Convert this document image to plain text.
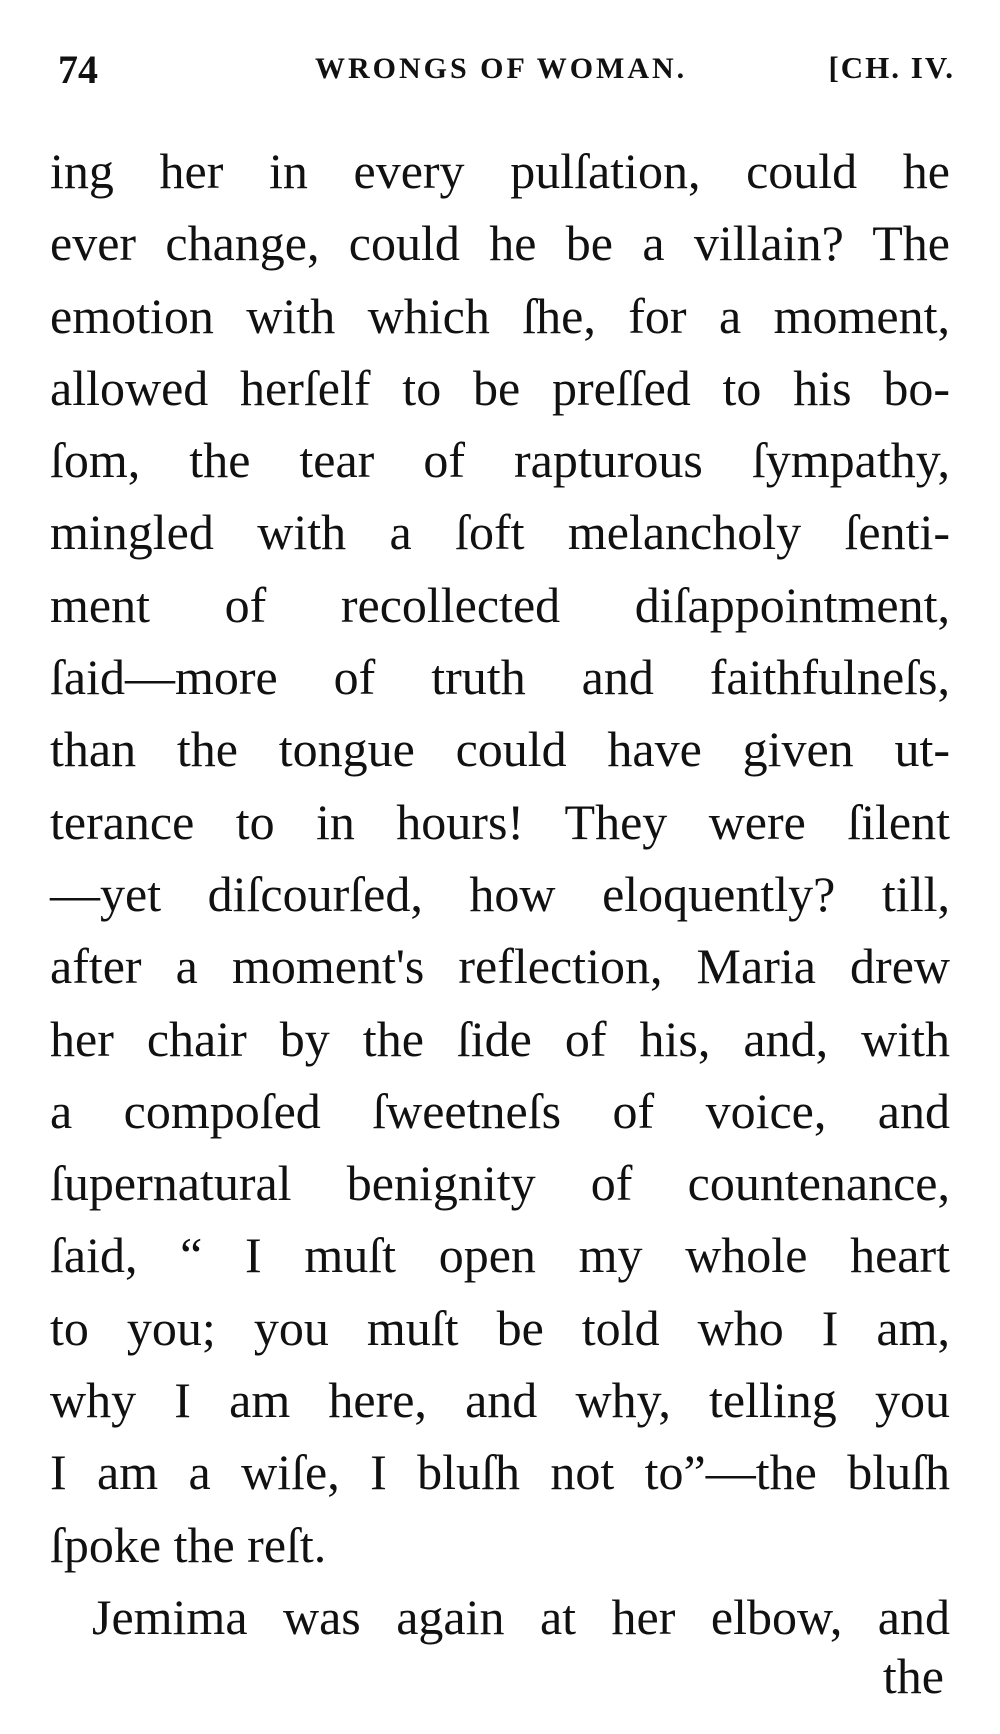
74	WRONGS OF WOMAN.	[CH. IV.
ing her in every pulſation, could he
ever change, could he be a villain? The
emotion with which ſhe, for a moment,
allowed herſelf to be preſſed to his bo-
ſom, the tear of rapturous ſympathy,
mingled with a ſoft melancholy ſenti-
ment of recollected diſappointment,
ſaid—more of truth and faithfulneſs,
than the tongue could have given ut-
terance to in hours! They were ſilent
—yet diſcourſed, how eloquently? till,
after a moment's reflection, Maria drew
her chair by the ſide of his, and, with
a compoſed ſweetneſs of voice, and
ſupernatural benignity of countenance,
ſaid, “ I muſt open my whole heart
to you; you muſt be told who I am,
why I am here, and why, telling you
I am a wiſe, I bluſh not to”—the bluſh
ſpoke the reſt.
Jemima was again at her elbow, and
the
